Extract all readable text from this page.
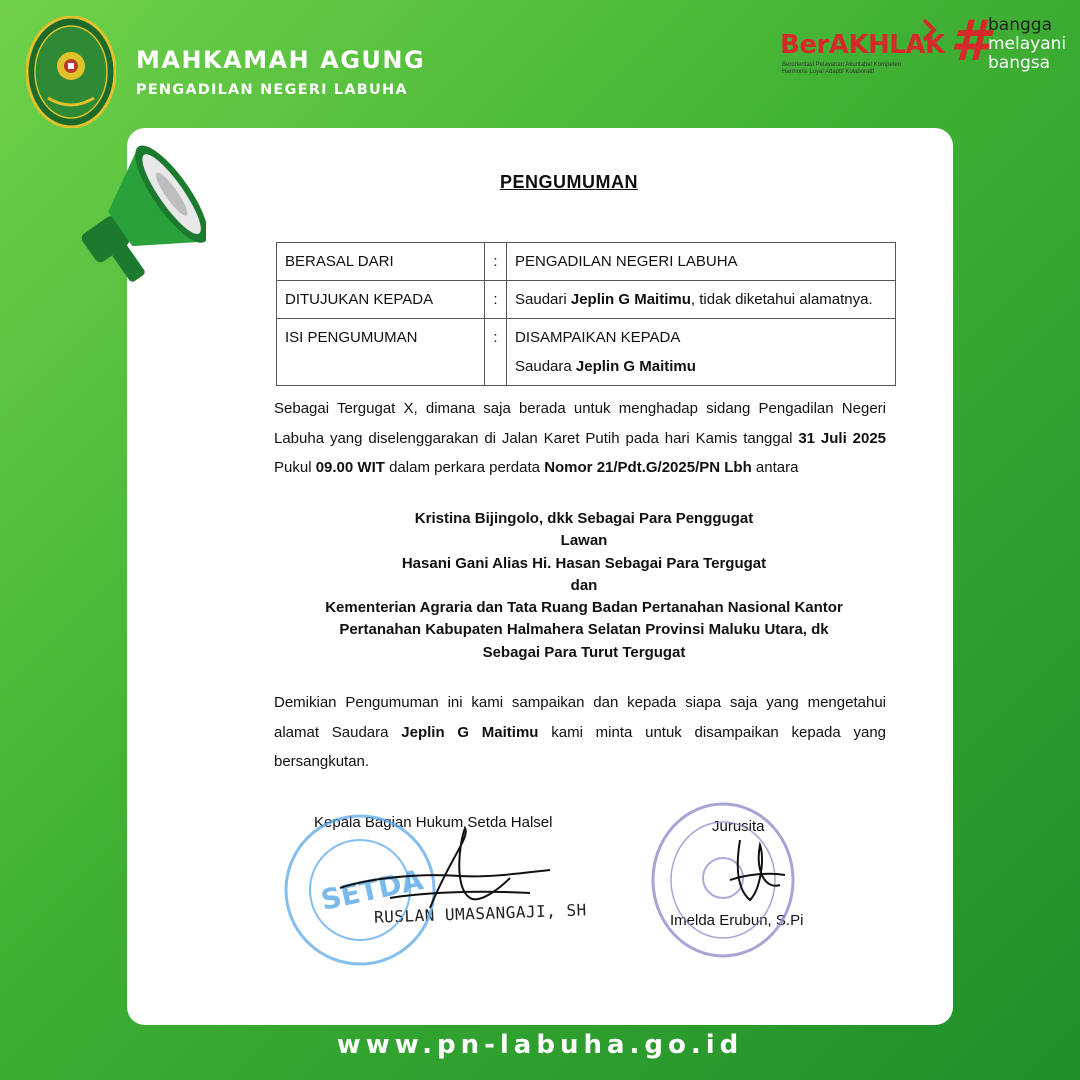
MAHKAMAH AGUNG
PENGADILAN NEGERI LABUHA
BerAKHLAK
Berorientasi Pelayanan Akuntabel Kompeten
Harmonis Loyal Adaptif Kolaboratif	# bangga
melayani
bangsa
PENGUMUMAN
BERASAL DARI	:	PENGADILAN NEGERI LABUHA
DITUJUKAN KEPADA	:	Saudari Jeplin G Maitimu, tidak diketahui alamatnya.
ISI PENGUMUMAN	:	DISAMPAIKAN KEPADA
Saudara Jeplin G Maitimu
Sebagai Tergugat X, dimana saja berada untuk menghadap sidang Pengadilan Negeri Labuha yang diselenggarakan di Jalan Karet Putih pada hari Kamis tanggal 31 Juli 2025 Pukul 09.00 WIT dalam perkara perdata Nomor 21/Pdt.G/2025/PN Lbh antara
Kristina Bijingolo, dkk Sebagai Para Penggugat
Lawan
Hasani Gani Alias Hi. Hasan Sebagai Para Tergugat
dan
Kementerian Agraria dan Tata Ruang Badan Pertanahan Nasional Kantor
Pertanahan Kabupaten Halmahera Selatan Provinsi Maluku Utara, dk
Sebagai Para Turut Tergugat
Demikian Pengumuman ini kami sampaikan dan kepada siapa saja yang mengetahui alamat Saudara Jeplin G Maitimu kami minta untuk disampaikan kepada yang bersangkutan.
Kepala Bagian Hukum Setda Halsel
RUSLAN UMASANGAJI, SH
Jurusita
Imelda Erubun, S.Pi
SETDA
www.pn-labuha.go.id
